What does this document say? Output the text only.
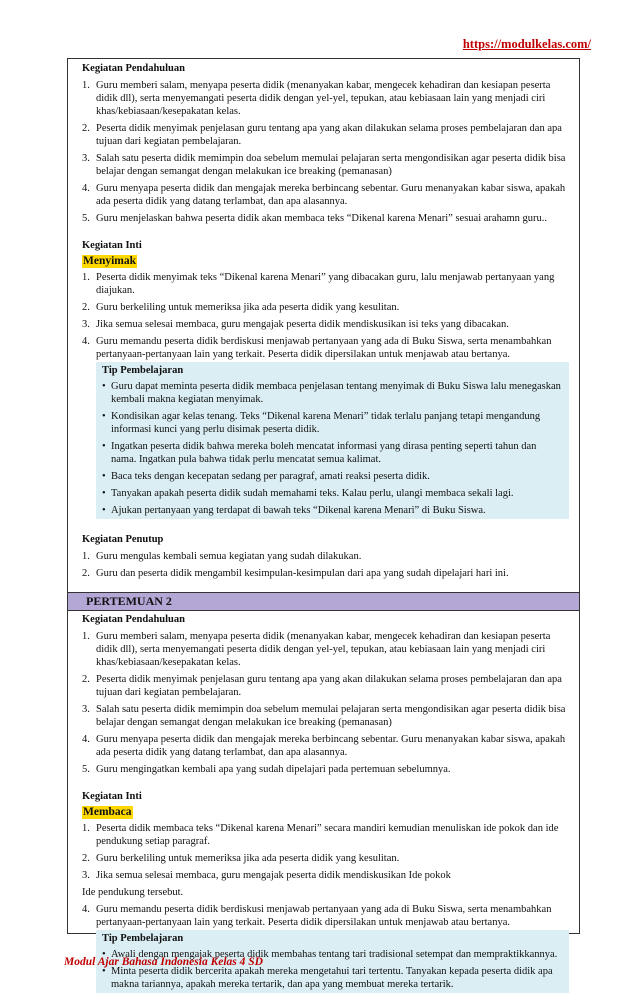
https://modulkelas.com/

Kegiatan Pendahuluan

1. Guru memberi salam, menyapa peserta didik (menanyakan kabar, mengecek kehadiran dan kesiapan peserta didik dll), serta menyemangati peserta didik dengan yel-yel, tepukan, atau kebiasaan lain yang menjadi ciri khas/kebiasaan/kesepakatan kelas.
2. Peserta didik menyimak penjelasan guru tentang apa yang akan dilakukan selama proses pembelajaran dan apa tujuan dari kegiatan pembelajaran.
3. Salah satu peserta didik memimpin doa sebelum memulai pelajaran serta mengondisikan agar peserta didik bisa belajar dengan semangat dengan melakukan ice breaking (pemanasan)
4. Guru menyapa peserta didik dan mengajak mereka berbincang sebentar. Guru menanyakan kabar siswa, apakah ada peserta didik yang datang terlambat, dan apa alasannya.
5. Guru menjelaskan bahwa peserta didik akan membaca teks “Dikenal karena Menari” sesuai arahamn guru..

Kegiatan Inti

Menyimak
1. Peserta didik menyimak teks “Dikenal karena Menari” yang dibacakan guru, lalu menjawab pertanyaan yang diajukan.
2. Guru berkeliling untuk memeriksa jika ada peserta didik yang kesulitan.
3. Jika semua selesai membaca, guru mengajak peserta didik mendiskusikan isi teks yang dibacakan.
4. Guru memandu peserta didik berdiskusi menjawab pertanyaan yang ada di Buku Siswa, serta menambahkan pertanyaan-pertanyaan lain yang terkait. Peserta didik dipersilakan untuk menjawab atau bertanya.
Tip Pembelajaran
• Guru dapat meminta peserta didik membaca penjelasan tentang menyimak di Buku Siswa lalu menegaskan kembali makna kegiatan menyimak.
• Kondisikan agar kelas tenang. Teks “Dikenal karena Menari” tidak terlalu panjang tetapi mengandung informasi kunci yang perlu disimak peserta didik.
• Ingatkan peserta didik bahwa mereka boleh mencatat informasi yang dirasa penting seperti tahun dan nama. Ingatkan pula bahwa tidak perlu mencatat semua kalimat.
• Baca teks dengan kecepatan sedang per paragraf, amati reaksi peserta didik.
• Tanyakan apakah peserta didik sudah memahami teks. Kalau perlu, ulangi membaca sekali lagi.
• Ajukan pertanyaan yang terdapat di bawah teks “Dikenal karena Menari” di Buku Siswa.

Kegiatan Penutup

1. Guru mengulas kembali semua kegiatan yang sudah dilakukan.
2. Guru dan peserta didik mengambil kesimpulan-kesimpulan dari apa yang sudah dipelajari hari ini.
PERTEMUAN 2

Kegiatan Pendahuluan

1. Guru memberi salam, menyapa peserta didik (menanyakan kabar, mengecek kehadiran dan kesiapan peserta didik dll), serta menyemangati peserta didik dengan yel-yel, tepukan, atau kebiasaan lain yang menjadi ciri khas/kebiasaan/kesepakatan kelas.
2. Peserta didik menyimak penjelasan guru tentang apa yang akan dilakukan selama proses pembelajaran dan apa tujuan dari kegiatan pembelajaran.
3. Salah satu peserta didik memimpin doa sebelum memulai pelajaran serta mengondisikan agar peserta didik bisa belajar dengan semangat dengan melakukan ice breaking (pemanasan)
4. Guru menyapa peserta didik dan mengajak mereka berbincang sebentar. Guru menanyakan kabar siswa, apakah ada peserta didik yang datang terlambat, dan apa alasannya.
5. Guru mengingatkan kembali apa yang sudah dipelajari pada pertemuan sebelumnya.

Kegiatan Inti

Membaca
1. Peserta didik membaca teks “Dikenal karena Menari” secara mandiri kemudian menuliskan ide pokok dan ide pendukung setiap paragraf.
2. Guru berkeliling untuk memeriksa jika ada peserta didik yang kesulitan.
3. Jika semua selesai membaca, guru mengajak peserta didik mendiskusikan Ide pokok

Ide pendukung tersebut.

4. Guru memandu peserta didik berdiskusi menjawab pertanyaan yang ada di Buku Siswa, serta menambahkan pertanyaan-pertanyaan lain yang terkait. Peserta didik dipersilakan untuk menjawab atau bertanya.
Tip Pembelajaran
• Awali dengan mengajak peserta didik membahas tentang tari tradisional setempat dan mempraktikkannya.
• Minta peserta didik bercerita apakah mereka mengetahui tari tertentu. Tanyakan kepada peserta didik apa makna tariannya, apakah mereka tertarik, dan apa yang membuat mereka tertarik.
Modul Ajar Bahasa Indonesia Kelas 4 SD
